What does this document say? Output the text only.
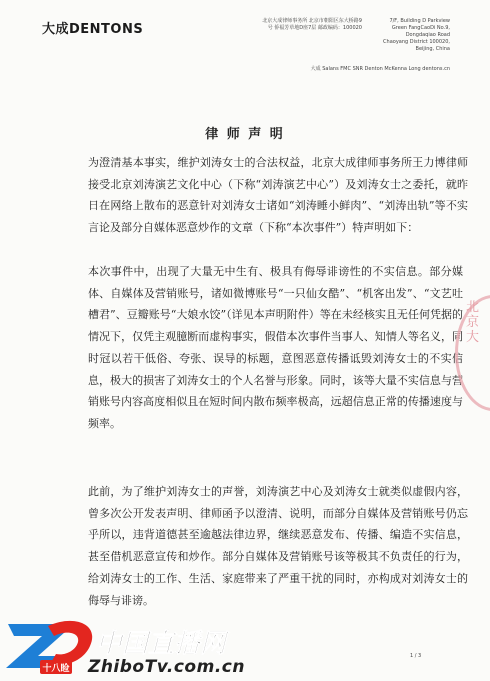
大成DENTONS
北京大成律师事务所 北京市朝阳区东大桥路9号 侨福芳草地D座7层 邮政编码：100020
7/F, Building D Parkview Green FangCaoDi No.9, Dongdaqiao Road Chaoyang District 100020, Beijing, China
大成 Salans FMC SNR Denton McKenna Long dentons.cn
律 师 声 明

为澄清基本事实，维护刘涛女士的合法权益，北京大成律师事务所王力博律师接受北京刘涛演艺文化中心（下称“刘涛演艺中心”）及刘涛女士之委托，就昨日在网络上散布的恶意针对刘涛女士诸如“刘涛睡小鲜肉”、“刘涛出轨”等不实言论及部分自媒体恶意炒作的文章（下称“本次事件”）特声明如下：

本次事件中，出现了大量无中生有、极具有侮辱诽谤性的不实信息。部分媒体、自媒体及营销账号，诸如微博账号“一只仙女酷”、“机客出发”、“文艺吐槽君”、豆瓣账号“大娘水饺”（详见本声明附件）等在未经核实且无任何凭据的情况下，仅凭主观臆断而虚构事实，假借本次事件当事人、知情人等名义，同时冠以若干低俗、夸张、误导的标题，意图恶意传播诋毁刘涛女士的不实信息，极大的损害了刘涛女士的个人名誉与形象。同时，该等大量不实信息与营销账号内容高度相似且在短时间内散布频率极高，远超信息正常的传播速度与频率。

此前，为了维护刘涛女士的声誉，刘涛演艺中心及刘涛女士就类似虚假内容，曾多次公开发表声明、律师函予以澄清、说明，而部分自媒体及营销账号仍忘乎所以，违背道德甚至逾越法律边界，继续恶意发布、传播、编造不实信息，甚至借机恶意宣传和炒作。部分自媒体及营销账号该等极其不负责任的行为，给刘涛女士的工作、生活、家庭带来了严重干扰的同时，亦构成对刘涛女士的侮辱与诽谤。

北京大
1 / 3
十八睑
中国直播网
ZhiboTv.com.cn
